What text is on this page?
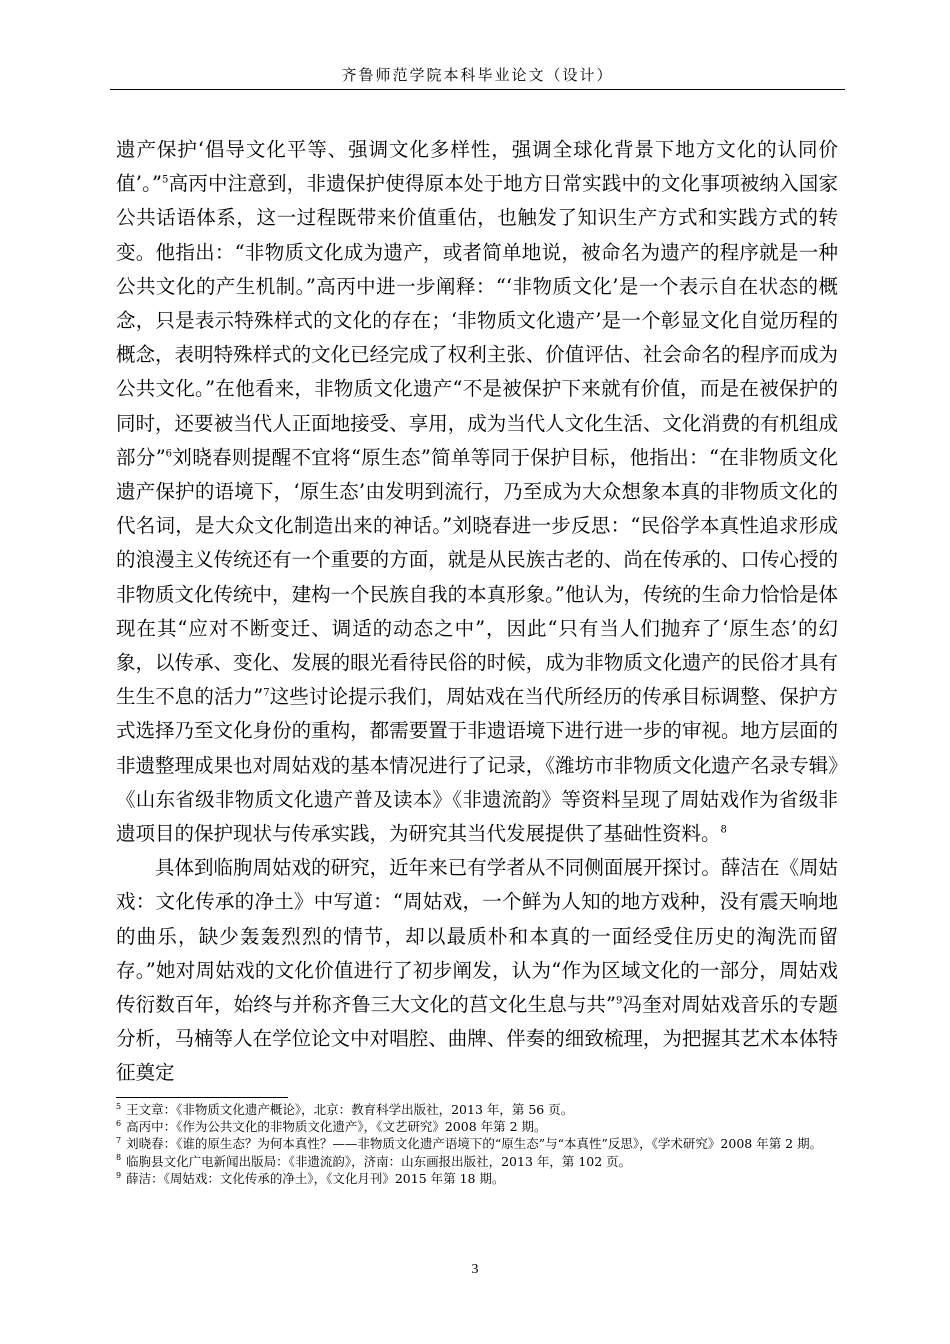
齐鲁师范学院本科毕业论文（设计）

遗产保护‘倡导文化平等、强调文化多样性，强调全球化背景下地方文化的认同价值’。”$^5$高丙中注意到，非遗保护使得原本处于地方日常实践中的文化事项被纳入国家公共话语体系，这一过程既带来价值重估，也触发了知识生产方式和实践方式的转变。他指出：“非物质文化成为遗产，或者简单地说，被命名为遗产的程序就是一种公共文化的产生机制。”高丙中进一步阐释：“‘非物质文化’是一个表示自在状态的概念，只是表示特殊样式的文化的存在；‘非物质文化遗产’是一个彰显文化自觉历程的概念，表明特殊样式的文化已经完成了权利主张、价值评估、社会命名的程序而成为公共文化。”在他看来，非物质文化遗产“不是被保护下来就有价值，而是在被保护的同时，还要被当代人正面地接受、享用，成为当代人文化生活、文化消费的有机组成部分”$^6$刘晓春则提醒不宜将“原生态”简单等同于保护目标，他指出：“在非物质文化遗产保护的语境下，‘原生态’由发明到流行，乃至成为大众想象本真的非物质文化的代名词，是大众文化制造出来的神话。”刘晓春进一步反思：“民俗学本真性追求形成的浪漫主义传统还有一个重要的方面，就是从民族古老的、尚在传承的、口传心授的非物质文化传统中，建构一个民族自我的本真形象。”他认为，传统的生命力恰恰是体现在其“应对不断变迁、调适的动态之中”，因此“只有当人们抛弃了‘原生态’的幻象，以传承、变化、发展的眼光看待民俗的时候，成为非物质文化遗产的民俗才具有生生不息的活力”$^7$这些讨论提示我们，周姑戏在当代所经历的传承目标调整、保护方式选择乃至文化身份的重构，都需要置于非遗语境下进行进一步的审视。地方层面的非遗整理成果也对周姑戏的基本情况进行了记录，《潍坊市非物质文化遗产名录专辑》《山东省级非物质文化遗产普及读本》《非遗流韵》等资料呈现了周姑戏作为省级非遗项目的保护现状与传承实践，为研究其当代发展提供了基础性资料。$^8$

具体到临朐周姑戏的研究，近年来已有学者从不同侧面展开探讨。薛洁在《周姑戏：文化传承的净土》中写道：“周姑戏，一个鲜为人知的地方戏种，没有震天响地的曲乐，缺少轰轰烈烈的情节，却以最质朴和本真的一面经受住历史的淘洗而留存。”她对周姑戏的文化价值进行了初步阐发，认为“作为区域文化的一部分，周姑戏传衍数百年，始终与并称齐鲁三大文化的莒文化生息与共”$^9$冯奎对周姑戏音乐的专题分析，马楠等人在学位论文中对唱腔、曲牌、伴奏的细致梳理，为把握其艺术本体特征奠定

$^5$ 王文章：《非物质文化遗产概论》，北京：教育科学出版社，2013 年，第 56 页。

$^6$ 高丙中：《作为公共文化的非物质文化遗产》，《文艺研究》2008 年第 2 期。

$^7$ 刘晓春：《谁的原生态？为何本真性？——非物质文化遗产语境下的“原生态”与“本真性”反思》，《学术研究》2008 年第 2 期。

$^8$ 临朐县文化广电新闻出版局：《非遗流韵》，济南：山东画报出版社，2013 年，第 102 页。

$^9$ 薛洁：《周姑戏：文化传承的净土》，《文化月刊》2015 年第 18 期。

3
